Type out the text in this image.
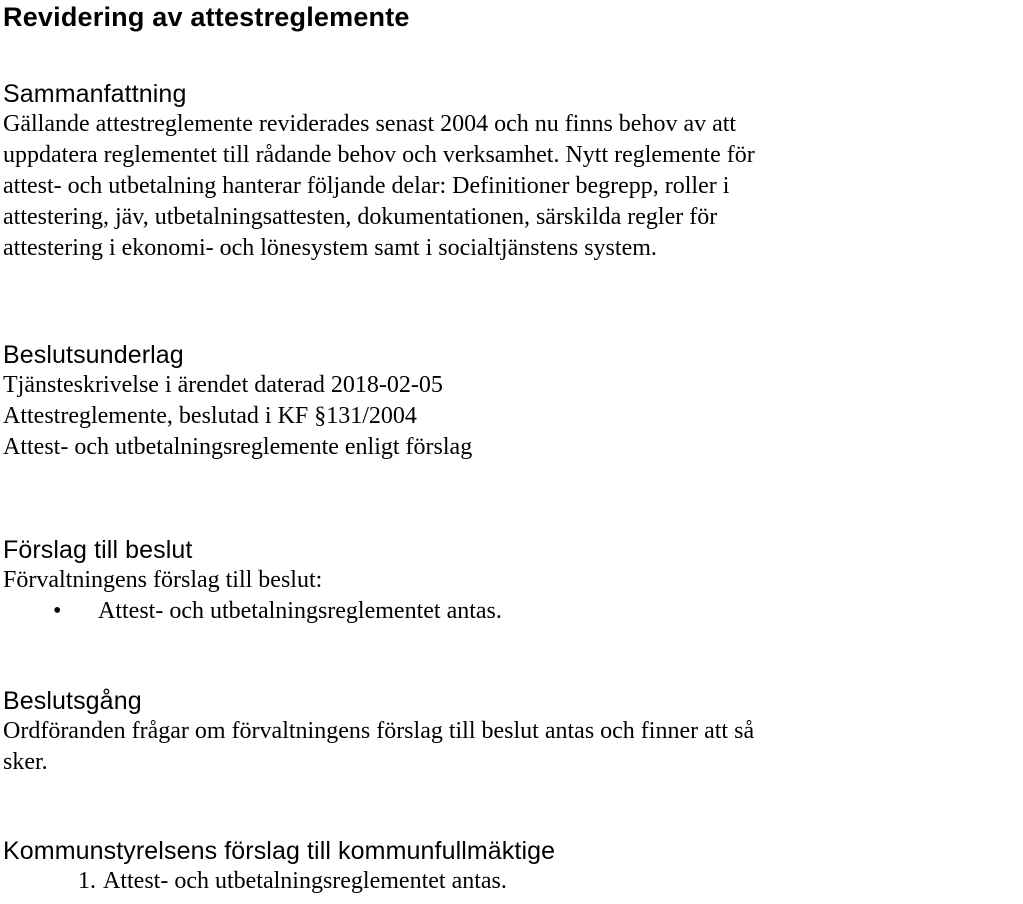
Revidering av attestreglemente
Sammanfattning

Gällande attestreglemente reviderades senast 2004 och nu finns behov av att

uppdatera reglementet till rådande behov och verksamhet. Nytt reglemente för

attest- och utbetalning hanterar följande delar: Definitioner begrepp, roller i

attestering, jäv, utbetalningsattesten, dokumentationen, särskilda regler för

attestering i ekonomi- och lönesystem samt i socialtjänstens system.

Beslutsunderlag

Tjänsteskrivelse i ärendet daterad 2018-02-05

Attestreglemente, beslutad i KF §131/2004

Attest- och utbetalningsreglemente enligt förslag

Förslag till beslut

Förvaltningens förslag till beslut:

• Attest- och utbetalningsreglementet antas.
Beslutsgång

Ordföranden frågar om förvaltningens förslag till beslut antas och finner att så

sker.

Kommunstyrelsens förslag till kommunfullmäktige
1. Attest- och utbetalningsreglementet antas.
